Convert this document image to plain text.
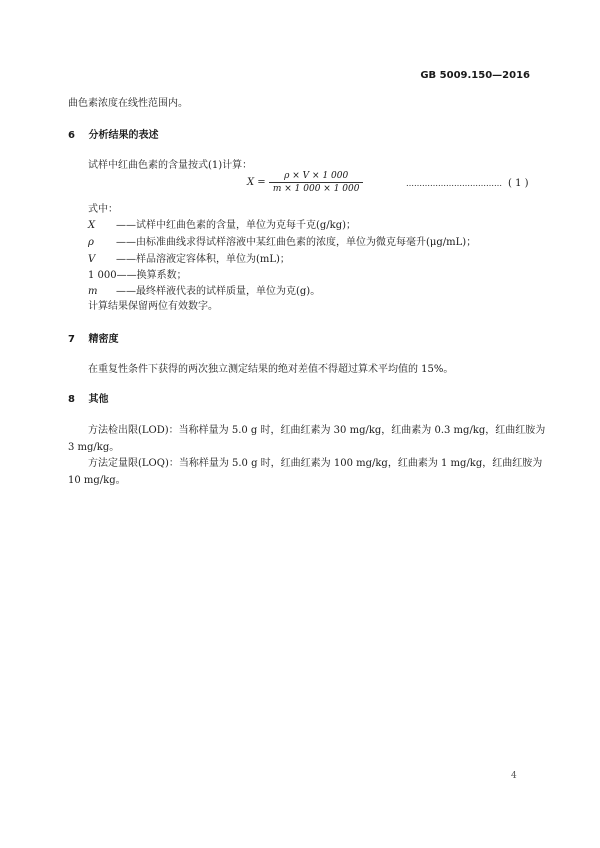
GB 5009.150—2016
曲色素浓度在线性范围内。
6 分析结果的表述
试样中红曲色素的含量按式(1)计算：
$X = \frac{\rho \times V \times 1 000}{m \times 1 000 \times 1 000}$	……………………………… ( 1 )
式中：
X ——试样中红曲色素的含量，单位为克每千克(g/kg)；
ρ ——由标准曲线求得试样溶液中某红曲色素的浓度，单位为微克每毫升(μg/mL)；
V ——样品溶液定容体积，单位为(mL)；
1 000——换算系数；
m ——最终样液代表的试样质量，单位为克(g)。
计算结果保留两位有效数字。
7 精密度
在重复性条件下获得的两次独立测定结果的绝对差值不得超过算术平均值的 15%。
8 其他
方法检出限(LOD)：当称样量为 5.0 g 时，红曲红素为 30 mg/kg，红曲素为 0.3 mg/kg，红曲红胺为
3 mg/kg。
方法定量限(LOQ)：当称样量为 5.0 g 时，红曲红素为 100 mg/kg，红曲素为 1 mg/kg，红曲红胺为
10 mg/kg。
4
